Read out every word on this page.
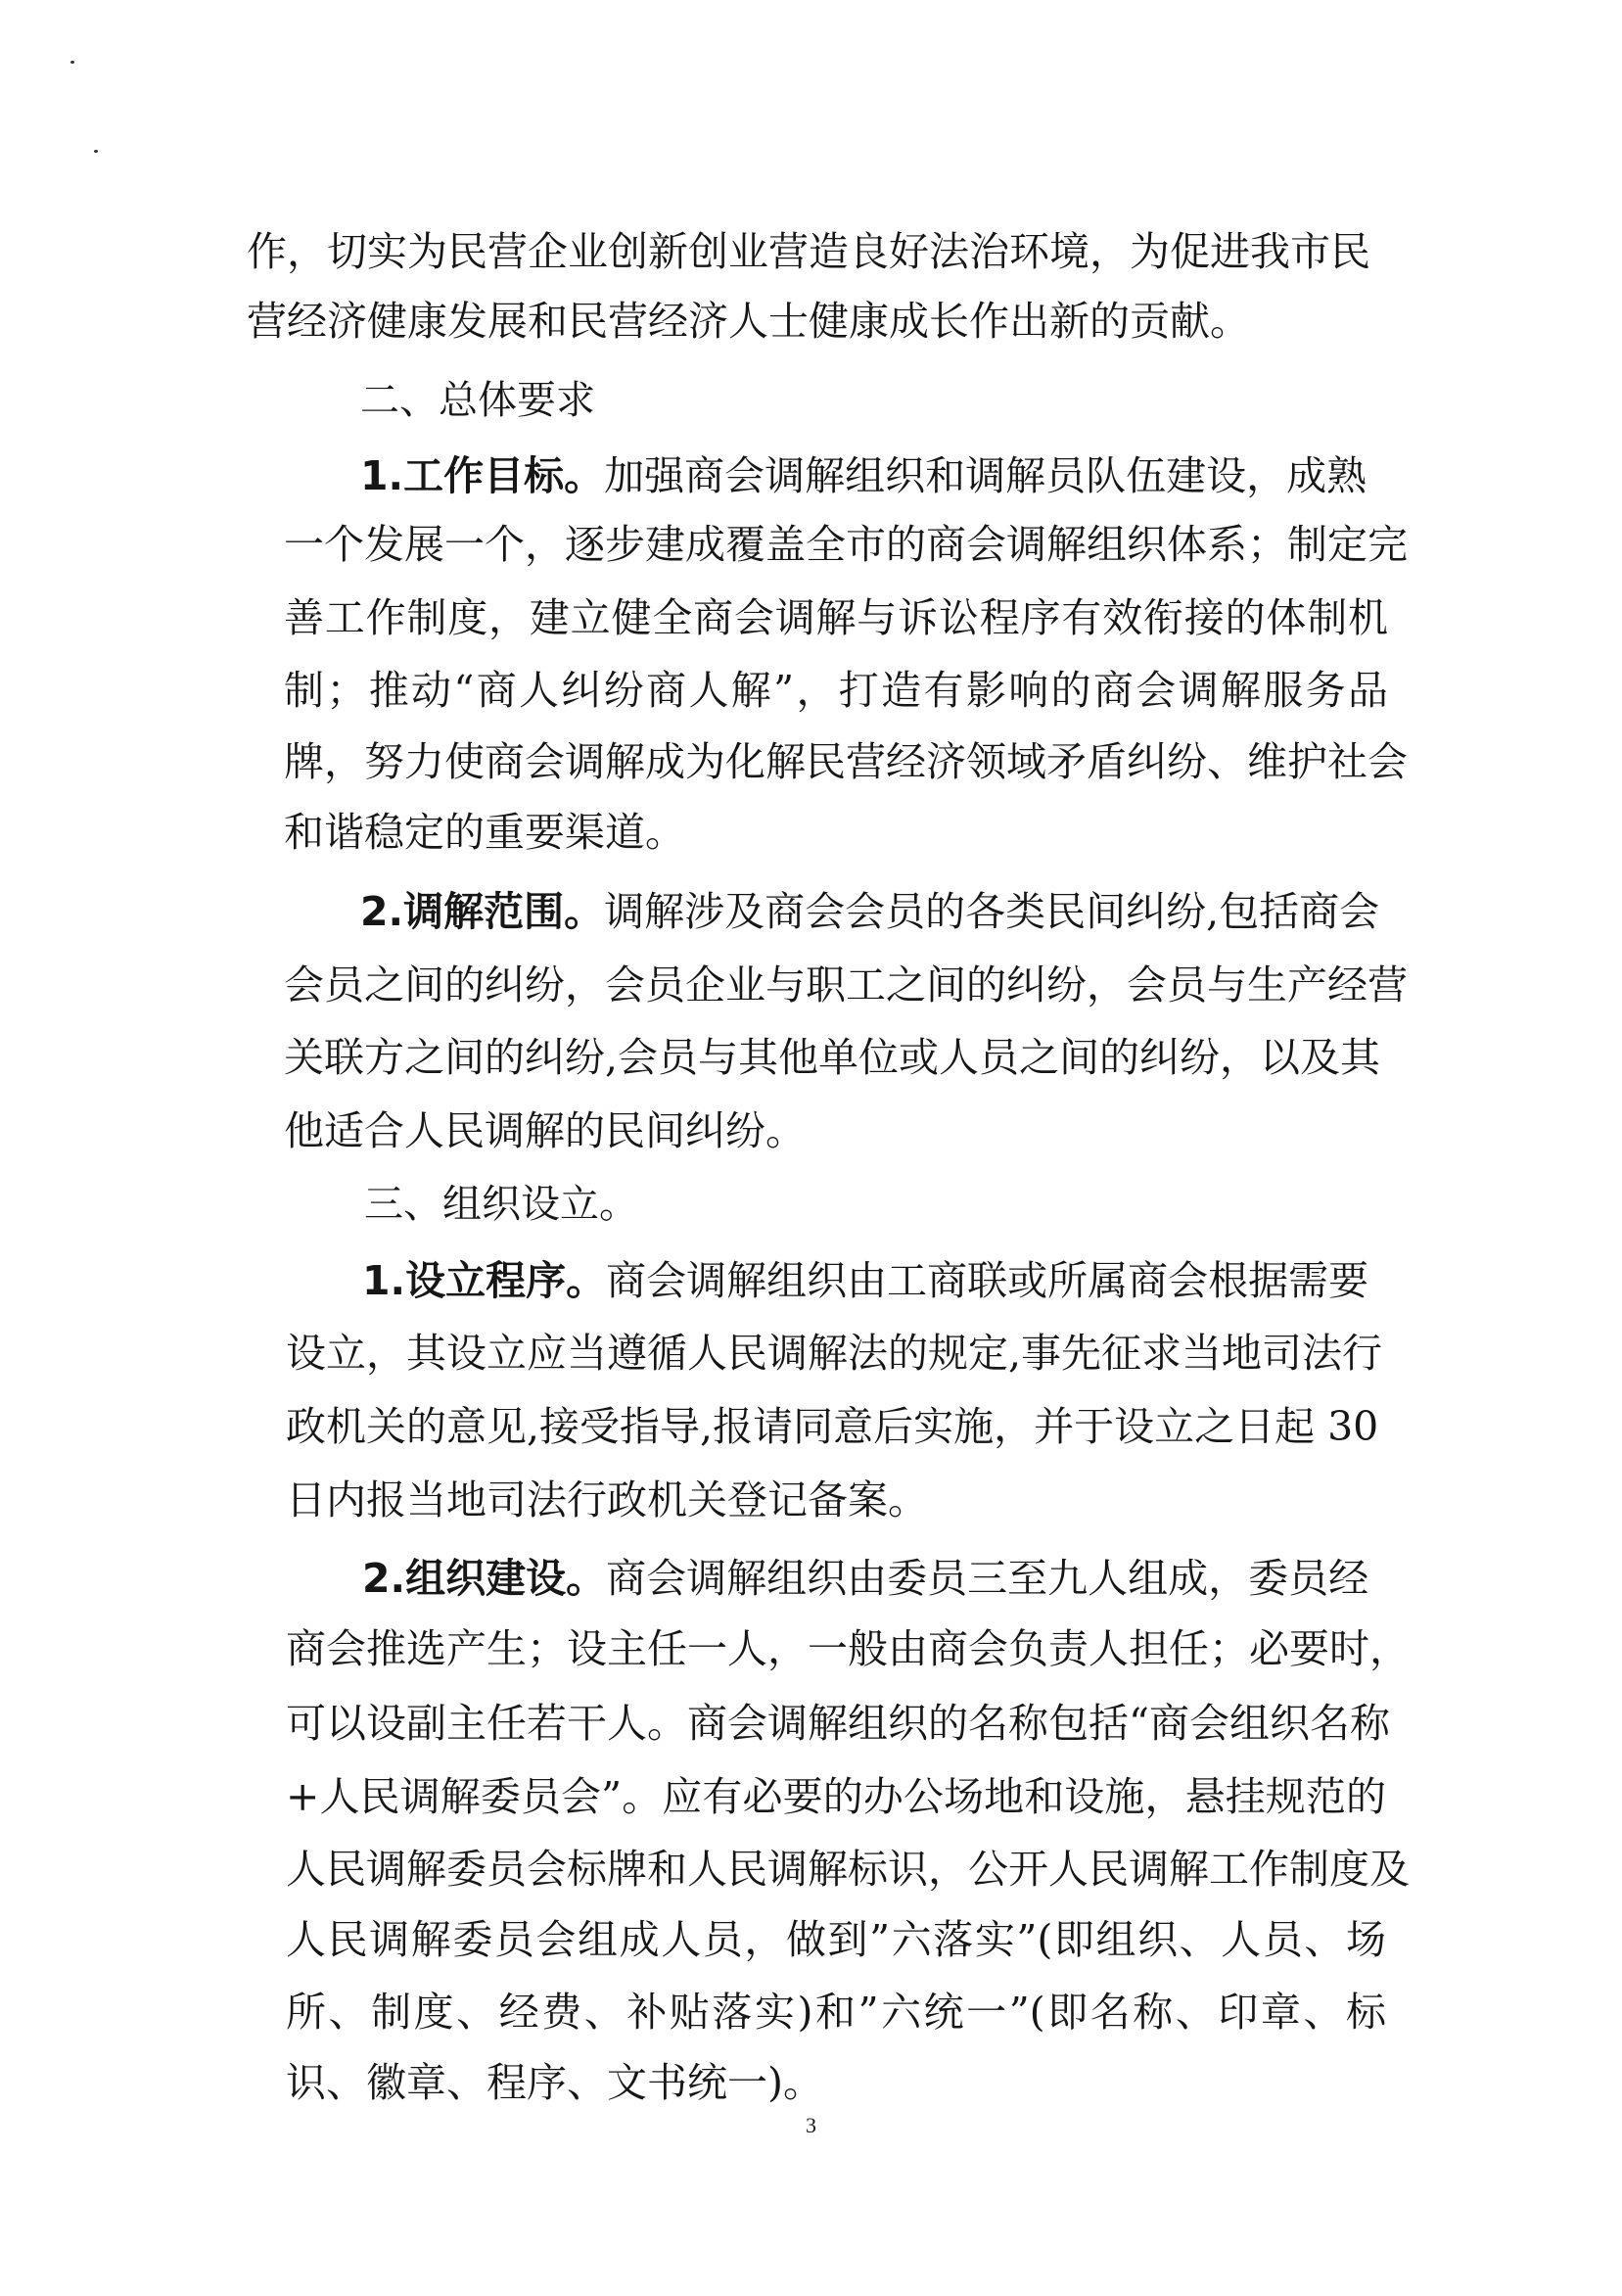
作，切实为民营企业创新创业营造良好法治环境，为促进我市民
营经济健康发展和民营经济人士健康成长作出新的贡献。
二、总体要求
1.工作目标。 加强商会调解组织和调解员队伍建设，成熟
一个发展一个，逐步建成覆盖全市的商会调解组织体系；制定完
善工作制度，建立健全商会调解与诉讼程序有效衔接的体制机
制；推动“商人纠纷商人解”，打造有影响的商会调解服务品
牌，努力使商会调解成为化解民营经济领域矛盾纠纷、维护社会
和谐稳定的重要渠道。
2.调解范围。 调解涉及商会会员的各类民间纠纷,包括商会
会员之间的纠纷，会员企业与职工之间的纠纷，会员与生产经营
关联方之间的纠纷,会员与其他单位或人员之间的纠纷，以及其
他适合人民调解的民间纠纷。
三、组织设立。
1.设立程序。 商会调解组织由工商联或所属商会根据需要
设立，其设立应当遵循人民调解法的规定,事先征求当地司法行
政机关的意见,接受指导,报请同意后实施，并于设立之日起 30
日内报当地司法行政机关登记备案。
2.组织建设。 商会调解组织由委员三至九人组成，委员经
商会推选产生；设主任一人，一般由商会负责人担任；必要时，
可以设副主任若干人。商会调解组织的名称包括“商会组织名称
+人民调解委员会”。应有必要的办公场地和设施，悬挂规范的
人民调解委员会标牌和人民调解标识，公开人民调解工作制度及
人民调解委员会组成人员，做到”六落实”(即组织、人员、场
所、制度、经费、补贴落实)和”六统一”(即名称、印章、标
识、徽章、程序、文书统一)。
3
